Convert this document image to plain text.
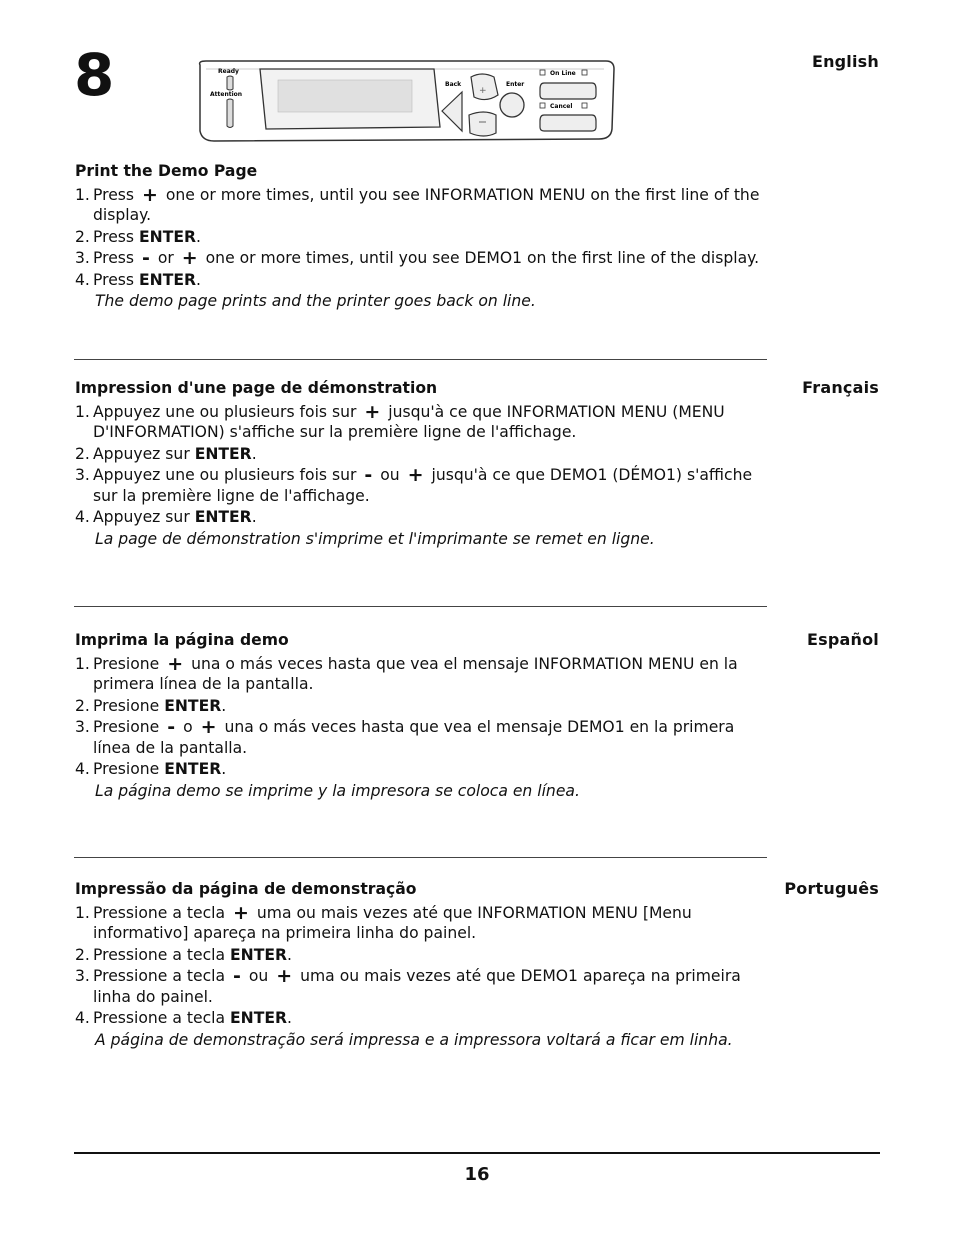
8	Ready
Attention
Back
+
Enter
On Line
Cancel
English
Français
Español
Português
Print the Demo Page
1. Press + one or more times, until you see INFORMATION MENU on the first line of the display.
2. Press ENTER.
3. Press - or + one or more times, until you see DEMO1 on the first line of the display.
4. Press ENTER.
The demo page prints and the printer goes back on line.
Impression d'une page de démonstration
1. Appuyez une ou plusieurs fois sur + jusqu'à ce que INFORMATION MENU (MENU D'INFORMATION) s'affiche sur la première ligne de l'affichage.
2. Appuyez sur ENTER.
3. Appuyez une ou plusieurs fois sur - ou + jusqu'à ce que DEMO1 (DÉMO1) s'affiche sur la première ligne de l'affichage.
4. Appuyez sur ENTER.
La page de démonstration s'imprime et l'imprimante se remet en ligne.
Imprima la página demo
1. Presione + una o más veces hasta que vea el mensaje INFORMATION MENU en la primera línea de la pantalla.
2. Presione ENTER.
3. Presione - o + una o más veces hasta que vea el mensaje DEMO1 en la primera línea de la pantalla.
4. Presione ENTER.
La página demo se imprime y la impresora se coloca en línea.
Impressão da página de demonstração
1. Pressione a tecla + uma ou mais vezes até que INFORMATION MENU [Menu informativo] apareça na primeira linha do painel.
2. Pressione a tecla ENTER.
3. Pressione a tecla - ou + uma ou mais vezes até que DEMO1 apareça na primeira linha do painel.
4. Pressione a tecla ENTER.
A página de demonstração será impressa e a impressora voltará a ficar em linha.
16
